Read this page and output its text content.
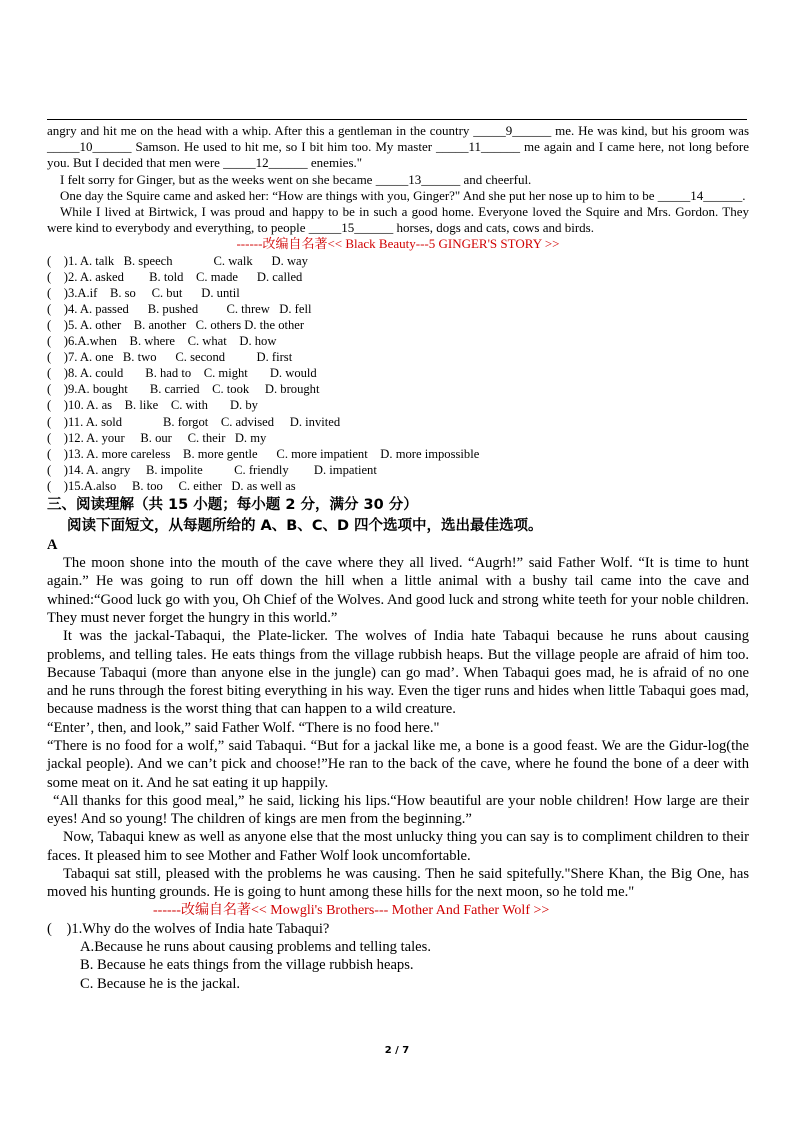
angry and hit me on the head with a whip. After this a gentleman in the country _____9______ me. He was kind, but his groom was _____10______ Samson. He used to hit me, so I bit him too. My master _____11______ me again and I came here, not long before you. But I decided that men were _____12______ enemies."

I felt sorry for Ginger, but as the weeks went on she became _____13______ and cheerful.

One day the Squire came and asked her: “How are things with you, Ginger?" And she put her nose up to him to be _____14______.

While I lived at Birtwick, I was proud and happy to be in such a good home. Everyone loved the Squire and Mrs. Gordon. They were kind to everybody and everything, to people _____15______ horses, dogs and cats, cows and birds.

------改编自名著<< Black Beauty---5 GINGER'S STORY >>
(    )1. A. talk   B. speech             C. walk      D. way
(    )2. A. asked        B. told    C. made      D. called
(    )3.A.if    B. so     C. but      D. until
(    )4. A. passed      B. pushed         C. threw   D. fell
(    )5. A. other    B. another   C. others D. the other
(    )6.A.when    B. where    C. what    D. how
(    )7. A. one   B. two      C. second          D. first
(    )8. A. could       B. had to    C. might       D. would
(    )9.A. bought       B. carried    C. took     D. brought
(    )10. A. as    B. like    C. with       D. by
(    )11. A. sold             B. forgot    C. advised     D. invited
(    )12. A. your     B. our     C. their   D. my
(    )13. A. more careless    B. more gentle      C. more impatient    D. more impossible
(    )14. A. angry     B. impolite          C. friendly        D. impatient
(    )15.A.also     B. too     C. either   D. as well as
三、阅读理解（共 15 小题；每小题 2 分，满分 30 分）
阅读下面短文，从每题所给的 A、B、C、D 四个选项中，选出最佳选项。
A

The moon shone into the mouth of the cave where they all lived. “Augrh!” said Father Wolf. “It is time to hunt again.” He was going to run off down the hill when a little animal with a bushy tail came into the cave and whined:“Good luck go with you, Oh Chief of the Wolves. And good luck and strong white teeth for your noble children. They must never forget the hungry in this world.”

It was the jackal-Tabaqui, the Plate-licker. The wolves of India hate Tabaqui because he runs about causing problems, and telling tales. He eats things from the village rubbish heaps. But the village people are afraid of him too. Because Tabaqui (more than anyone else in the jungle) can go mad’. When Tabaqui goes mad, he is afraid of no one and he runs through the forest biting everything in his way. Even the tiger runs and hides when little Tabaqui goes mad, because madness is the worst thing that can happen to a wild creature.

“Enter’, then, and look,” said Father Wolf. “There is no food here."

“There is no food for a wolf,” said Tabaqui. “But for a jackal like me, a bone is a good feast. We are the Gidur-log(the jackal people). And we can’t pick and choose!”He ran to the back of the cave, where he found the bone of a deer with some meat on it. And he sat eating it up happily.

“All thanks for this good meal,” he said, licking his lips.“How beautiful are your noble children! How large are their eyes! And so young! The children of kings are men from the beginning.”

Now, Tabaqui knew as well as anyone else that the most unlucky thing you can say is to compliment children to their faces. It pleased him to see Mother and Father Wolf look uncomfortable.

Tabaqui sat still, pleased with the problems he was causing. Then he said spitefully."Shere Khan, the Big One, has moved his hunting grounds. He is going to hunt among these hills for the next moon, so he told me."

------改编自名著<< Mowgli's Brothers--- Mother And Father Wolf >>
(    )1.Why do the wolves of India hate Tabaqui?
A.Because he runs about causing problems and telling tales.
B. Because he eats things from the village rubbish heaps.
C. Because he is the jackal.
2 / 7
